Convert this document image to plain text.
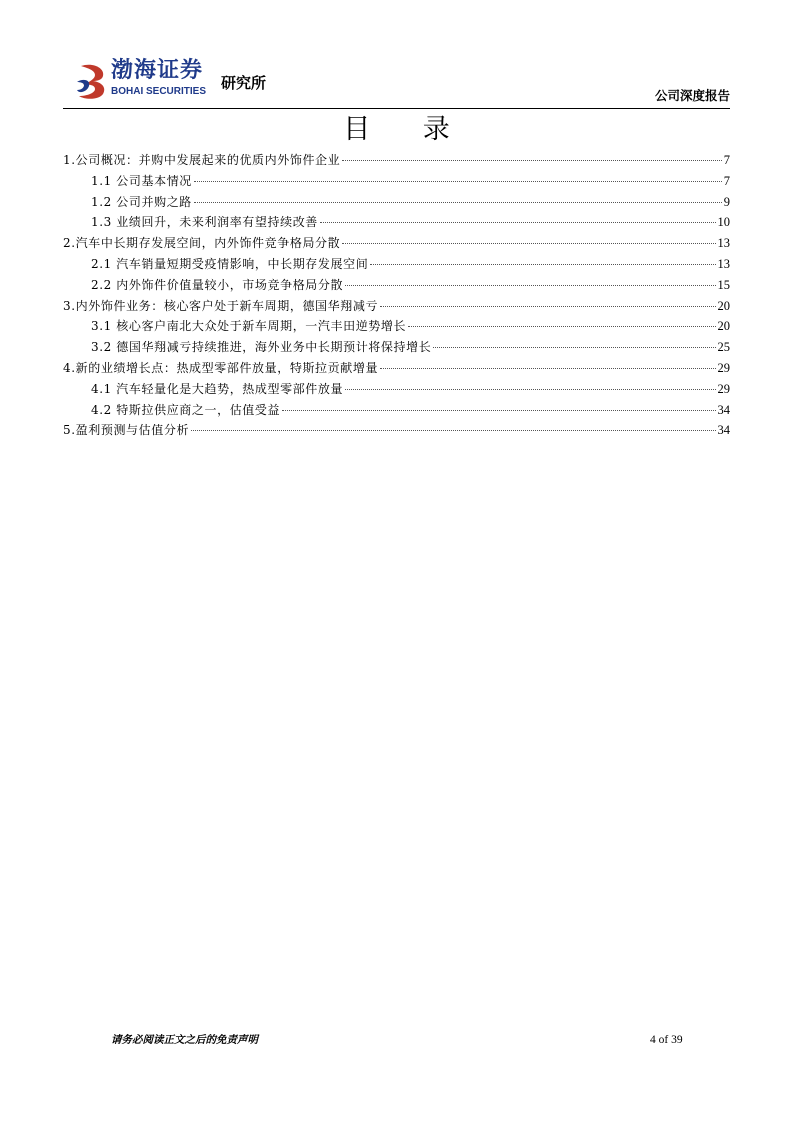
渤海证券
BOHAI SECURITIES 研究所
公司深度报告
目 录
1.公司概况：并购中发展起来的优质内外饰件企业	7
1.1 公司基本情况	7
1.2 公司并购之路	9
1.3 业绩回升，未来利润率有望持续改善	10
2.汽车中长期存发展空间，内外饰件竞争格局分散	13
2.1 汽车销量短期受疫情影响，中长期存发展空间	13
2.2 内外饰件价值量较小，市场竞争格局分散	15
3.内外饰件业务：核心客户处于新车周期，德国华翔减亏	20
3.1 核心客户南北大众处于新车周期，一汽丰田逆势增长	20
3.2 德国华翔减亏持续推进，海外业务中长期预计将保持增长	25
4.新的业绩增长点：热成型零部件放量，特斯拉贡献增量	29
4.1 汽车轻量化是大趋势，热成型零部件放量	29
4.2 特斯拉供应商之一，估值受益	34
5.盈利预测与估值分析	34
请务必阅读正文之后的免责声明	4 of 39
